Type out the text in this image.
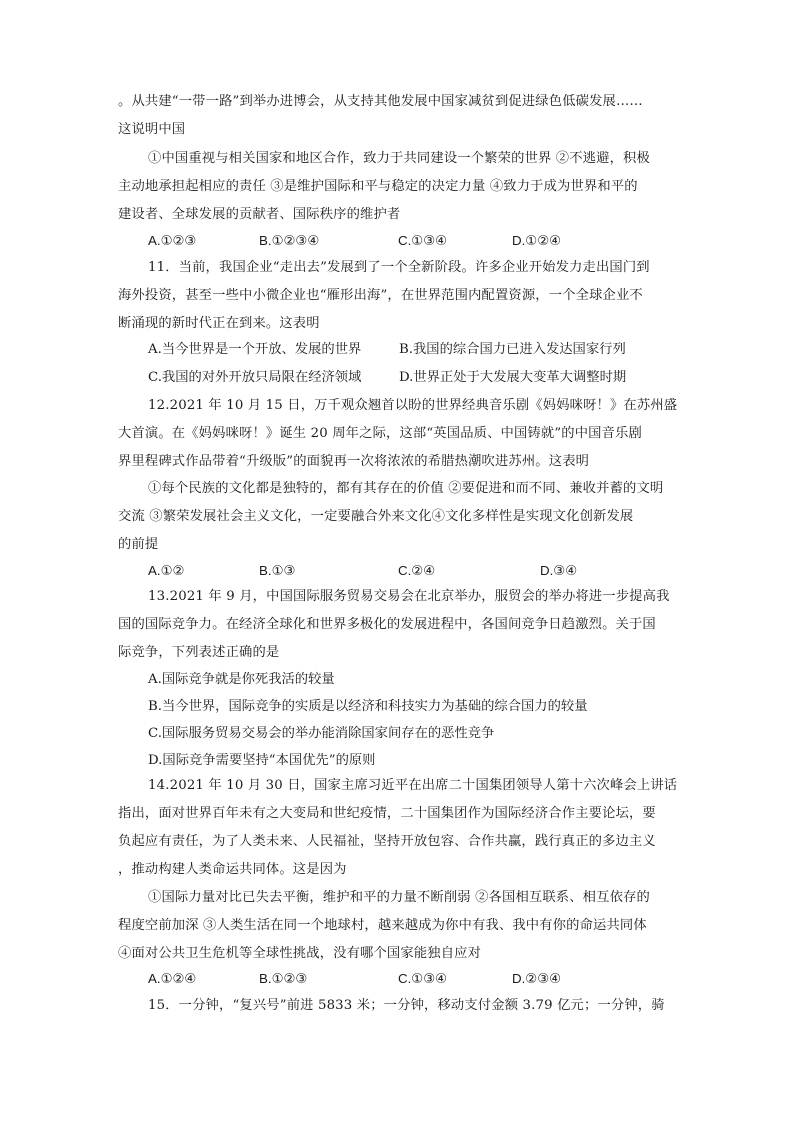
。从共建“一带一路”到举办进博会，从支持其他发展中国家减贫到促进绿色低碳发展……
这说明中国
①中国重视与相关国家和地区合作，致力于共同建设一个繁荣的世界 ②不逃避，积极
主动地承担起相应的责任 ③是维护国际和平与稳定的决定力量 ④致力于成为世界和平的
建设者、全球发展的贡献者、国际秩序的维护者
A.①②③	B.①②③④	C.①③④	D.①②④
11．当前，我国企业“走出去”发展到了一个全新阶段。许多企业开始发力走出国门到
海外投资，甚至一些中小微企业也“雁形出海”，在世界范围内配置资源，一个全球企业不
断涌现的新时代正在到来。这表明
A.当今世界是一个开放、发展的世界	B.我国的综合国力已进入发达国家行列
C.我国的对外开放只局限在经济领域	D.世界正处于大发展大变革大调整时期
12.2021 年 10 月 15 日，万千观众翘首以盼的世界经典音乐剧《妈妈咪呀！》在苏州盛
大首演。在《妈妈咪呀！》诞生 20 周年之际，这部“英国品质、中国铸就”的中国音乐剧
界里程碑式作品带着“升级版”的面貌再一次将浓浓的希腊热潮吹进苏州。这表明
①每个民族的文化都是独特的，都有其存在的价值 ②要促进和而不同、兼收并蓄的文明
交流 ③繁荣发展社会主义文化，一定要融合外来文化④文化多样性是实现文化创新发展
的前提
A.①②	B.①③	C.②④	D.③④
13.2021 年 9 月，中国国际服务贸易交易会在北京举办，服贸会的举办将进一步提高我
国的国际竞争力。在经济全球化和世界多极化的发展进程中，各国间竞争日趋激烈。关于国
际竞争，下列表述正确的是
A.国际竞争就是你死我活的较量
B.当今世界，国际竞争的实质是以经济和科技实力为基础的综合国力的较量
C.国际服务贸易交易会的举办能消除国家间存在的恶性竞争
D.国际竞争需要坚持“本国优先”的原则
14.2021 年 10 月 30 日，国家主席习近平在出席二十国集团领导人第十六次峰会上讲话
指出，面对世界百年未有之大变局和世纪疫情，二十国集团作为国际经济合作主要论坛，要
负起应有责任，为了人类未来、人民福祉，坚持开放包容、合作共赢，践行真正的多边主义
，推动构建人类命运共同体。这是因为
①国际力量对比已失去平衡，维护和平的力量不断削弱 ②各国相互联系、相互依存的
程度空前加深 ③人类生活在同一个地球村，越来越成为你中有我、我中有你的命运共同体
④面对公共卫生危机等全球性挑战，没有哪个国家能独自应对
A.①②④	B.①②③	C.①③④	D.②③④
15．一分钟，“复兴号”前进 5833 米；一分钟，移动支付金额 3.79 亿元；一分钟，骑
